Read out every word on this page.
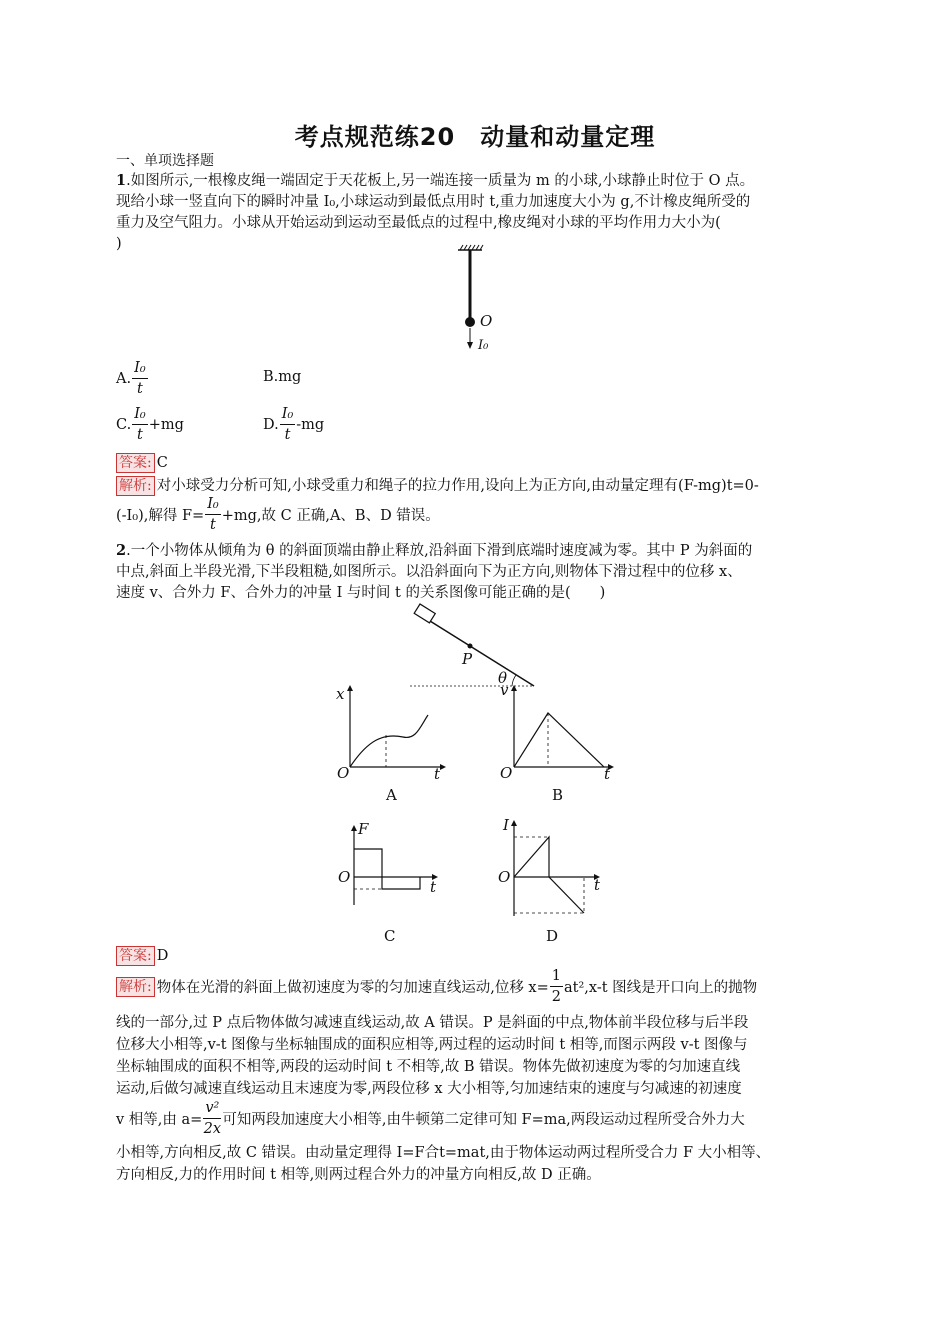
考点规范练20　动量和动量定理
一、单项选择题

1.如图所示,一根橡皮绳一端固定于天花板上,另一端连接一质量为 m 的小球,小球静止时位于 O 点。
现给小球一竖直向下的瞬时冲量 I₀,小球运动到最低点用时 t,重力加速度大小为 g,不计橡皮绳所受的
重力及空气阻力。小球从开始运动到运动至最低点的过程中,橡皮绳对小球的平均作用力大小为(
)

O
I₀
A. $\frac{\text{I₀}}{t}$	B.mg
C. $\frac{\text{I₀}}{t} +mg$	D. $\frac{\text{I₀}}{t} -mg$
答案: C
解析: 对小球受力分析可知,小球受重力和绳子的拉力作用,设向上为正方向,由动量定理有(F-mg)t=0-
(-I₀),解得 $F= \frac{\text{I₀}}{t} +mg$,故 C 正确,A、B、D 错误。

2.一个小物体从倾角为 θ 的斜面顶端由静止释放,沿斜面下滑到底端时速度减为零。其中 P 为斜面的
中点,斜面上半段光滑,下半段粗糙,如图所示。以沿斜面向下为正方向,则物体下滑过程中的位移 x、
速度 v、合外力 F、合外力的冲量 I 与时间 t 的关系图像可能正确的是(　　)

P
θ
x
O	t
A
v
O	t
B
F
O
t
C
I
O	t
D
答案: D
解析: 物体在光滑的斜面上做初速度为零的匀加速直线运动,位移 $x= \frac{1}{2} at^2,x-t$ 图线是开口向上的抛物

线的一部分,过 P 点后物体做匀减速直线运动,故 A 错误。P 是斜面的中点,物体前半段位移与后半段
位移大小相等,v-t 图像与坐标轴围成的面积应相等,两过程的运动时间 t 相等,而图示两段 v-t 图像与
坐标轴围成的面积不相等,两段的运动时间 t 不相等,故 B 错误。物体先做初速度为零的匀加速直线
运动,后做匀减速直线运动且末速度为零,两段位移 x 大小相等,匀加速结束的速度与匀减速的初速度

v 相等,由 $a= \frac{\text{v²}}{2x}$ 可知两段加速度大小相等,由牛顿第二定律可知 F=ma,两段运动过程所受合外力大

小相等,方向相反,故 C 错误。由动量定理得 I=F合t=mat,由于物体运动两过程所受合力 F 大小相等、
方向相反,力的作用时间 t 相等,则两过程合外力的冲量方向相反,故 D 正确。
